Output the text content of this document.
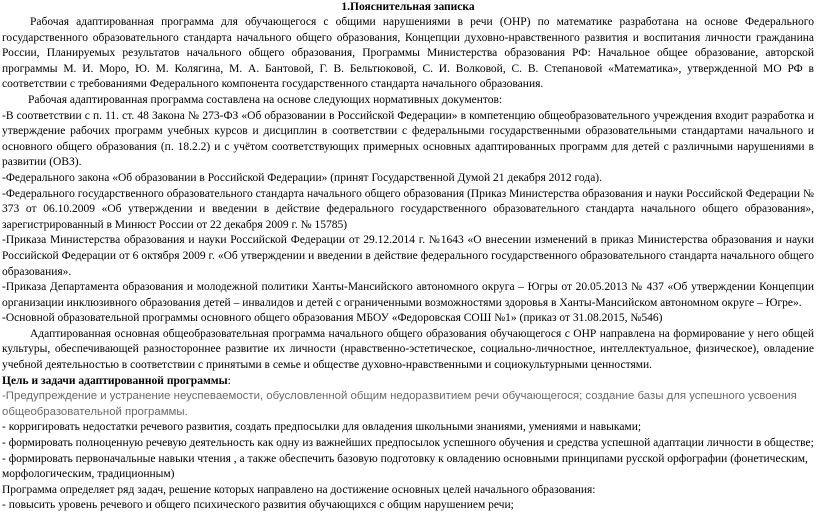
1.Пояснительная записка

Рабочая адаптированная программа для обучающегося с общими нарушениями в речи (ОНР) по математике разработана на основе Федерального государственного образовательного стандарта начального общего образования, Концепции духовно-нравственного развития и воспитания личности гражданина России, Планируемых результатов начального общего образования, Программы Министерства образования РФ: Начальное общее образование, авторской программы М. И. Моро, Ю. М. Колягина, М. А. Бантовой, Г. В. Бельтюковой, С. И. Волковой, С. В. Степановой «Математика», утвержденной МО РФ в соответствии с требованиями Федерального компонента государственного стандарта начального образования.

Рабочая адаптированная программа составлена на основе следующих нормативных документов:

-В соответствии с п. 11. ст. 48 Закона № 273-ФЗ «Об образовании в Российской Федерации» в компетенцию общеобразовательного учреждения входит разработка и утверждение рабочих программ учебных курсов и дисциплин в соответствии с федеральными государственными образовательными стандартами начального и основного общего образования (п. 18.2.2) и с учётом соответствующих примерных основных адаптированных программ для детей с различными нарушениями в развитии (ОВЗ).

-Федерального закона «Об образовании в Российской Федерации» (принят Государственной Думой 21 декабря 2012 года).

-Федерального государственного образовательного стандарта начального общего образования (Приказ Министерства образования и науки Российской Федерации № 373 от 06.10.2009 «Об утверждении и введении в действие федерального государственного образовательного стандарта начального общего образования», зарегистрированный в Минюст России от 22 декабря 2009 г. № 15785)

-Приказа Министерства образования и науки Российской Федерации от 29.12.2014 г. №1643 «О внесении изменений в приказ Министерства образования и науки Российской Федерации от 6 октября 2009 г. «Об утверждении и введении в действие федерального государственного образовательного стандарта начального общего образования».

-Приказа Департамента образования и молодежной политики Ханты-Мансийского автономного округа – Югры от 20.05.2013 № 437 «Об утверждении Концепции организации инклюзивного образования детей – инвалидов и детей с ограниченными возможностями здоровья в Ханты-Мансийском автономном округе – Югре».

-Основной образовательной программы основного общего образования МБОУ «Федоровская СОШ №1» (приказ от 31.08.2015, №546)

Адаптированная основная общеобразовательная программа начального общего образования обучающегося с ОНР направлена на формирование у него общей культуры, обеспечивающей разностороннее развитие их личности (нравственно-эстетическое, социально-личностное, интеллектуальное, физическое), овладение учебной деятельностью в соответствии с принятыми в семье и обществе духовно-нравственными и социокультурными ценностями.

Цель и задачи адаптированной программы:

-Предупреждение и устранение неуспеваемости, обусловленной общим недоразвитием речи обучающегося; создание базы для успешного усвоения общеобразовательной программы.

- корригировать недостатки речевого развития, создать предпосылки для овладения школьными знаниями, умениями и навыками;

- формировать полноценную речевую деятельность как одну из важнейших предпосылок успешного обучения и средства успешной адаптации личности в обществе;

- формировать первоначальные навыки чтения , а также обеспечить базовую подготовку к овладению основными принципами русской орфографии (фонетическим, морфологическим, традиционным)

Программа определяет ряд задач, решение которых направлено на достижение основных целей начального образования:

- повысить уровень речевого и общего психического развития обучающихся с общим нарушением речи;
